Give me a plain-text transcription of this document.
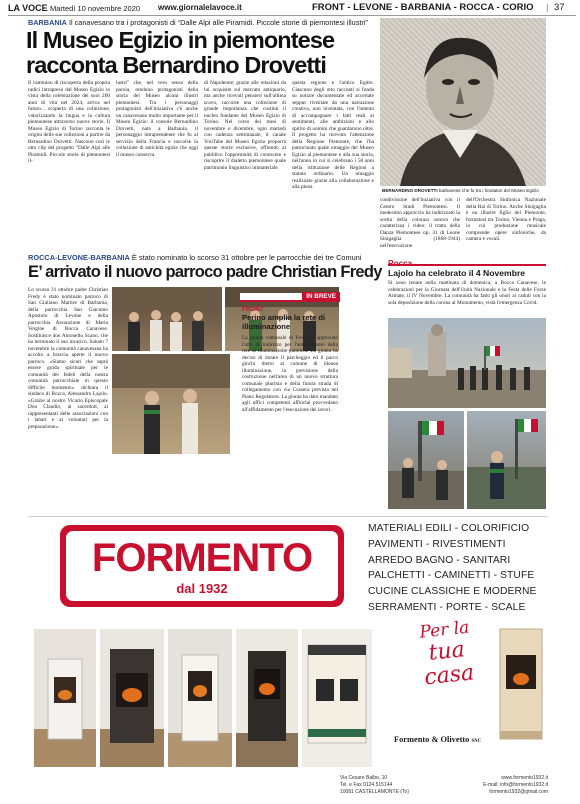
LA VOCE Martedì 10 novembre 2020 www.giornalelavoce.it	FRONT - LEVONE - BARBANIA - ROCCA - CORIO | 37
BARBANIA Il canavesano tra i protagonisti di “Dalle Alpi alle Piramidi. Piccole storie di piemontesi illustri”
Il Museo Egizio in piemontese
racconta Bernardino Drovetti

Il cammino di riscoperta della propria radici intrapreso dal Museo Egizio in vista della celebrazione dei suoi 200 anni di vita nel 2024, arriva nel futuro... scoperta di una collezione, valorizzando la lingua e la cultura piemontese attraverso nuove storie. Il Museo Egizio di Torino racconta le origini delle sue collezioni a partire da Bernardino Drovetti. Nascono così le otto clip del progetto "Dalle Alpi alle Piramidi. Piccole storie di piemontesi il-

lustri" che, nel vero senso della parola, rendono protagonisti della storia del Museo alcuni illustri piemontesi. Tra i personaggi protagonisti dell'iniziativa c'è anche un canavesano molto importante per il Museo Egizio: il console Bernardino Drovetti, nato a Barbania, il personaggio intraprendente che fu al servizio della Francia e raccolse la collezione di antichità egizie che oggi il museo conserva.

di Napoleone; grazie alle relazioni da lui acquisite sul mercato antiquario, ma anche ricevuti pensieri sull'ultima scavo, raccolse una collezione di grande importanza che costituì il nucleo fondante del Museo Egizio di Torino. Nel corso dei mesi di novembre e dicembre, ogni martedì con cadenza settimanale, il canale YouTube del Museo Egizio proporrà queste storie esclusive, offrendo al pubblico l'opportunità di conoscere e riscoprire il dialetto piemontese quale patrimonio linguistico immateriale.

questa regione e l'antico Egitto. Ciascuno degli otto racconti si fonda su notizie documentate ed accertate seppur rivisitate da una narrazione creativa, non inventata, con l'intento di accompagnare i fatti reali ai sentimenti, alle ambizioni e allo spirito di uomini che guardarono oltre. Il progetto ha ricevuto l'attenzione della Regione Piemonte, che l'ha patrocinato quale omaggio del Museo Egizio al piemontese e alla sua storia, nell'anno in cui si celebrano i 50 anni della istituzione delle Regioni a statuto ordinario. Un omaggio realizzato grazie alla collaborazione e alla piena

condivisione dell'iniziativa con il Centro Studi Piemontesi. Il medesimo approccio ha indirizzato la scelta della colonna sonora che caratterizza i video: il tratto della Danza Piemontese op. 31 di Leone Sinigaglia (1868-1944) nell'esecuzione

dell'Orchestra Sinfonica Nazionale della Rai di Torino. Anche Sinigaglia è un illustre figlio del Piemonte, formatosi tra Torino, Vienna e Praga, la cui produzione musicale comprende opere sinfoniche, da camera e vocali.

BERNARDINO DROVETTI barbanese che fu tra i fondatori del Museo Egizio
ROCCA-LEVONE-BARBANIA È stato nominato lo scorso 31 ottobre per le parrocchie dei tre Comuni
E’ arrivato il nuovo parroco padre Christian Fredy

Lo scorso 31 ottobre padre Christian Fredy è stato nominato parroco di San Giuliano Martire di Barbania, della parrocchia San Giacomo Apostolo di Levone e della parrocchia Assunzione di Maria Vergine di Rocca Canavese. Sostituisce don Antonello Scano, che ha terminato il suo incarico. Sabato 7 novembre la comunità canavesana ha accolto a braccia aperte il nuovo parroco. «Siamo sicuri che saprà essere guida spirituale per le comunità dei fedeli della nostra comunità parrocchiale in questo difficile momento» dichiara il sindaco di Rocca, Alessandro Lajolo. «Grazie al nostro Vicario Episcopale Don Claudio, ai sacerdoti, ai rappresentanti delle associazioni con i labari e ai volontari per la preparazione».

IN BREVE
FRONT
Perino amplia la rete di illuminazione

La giunta comunale di Front ha approvato l'atto di indirizzo per l'ampliamento della rete di illuminazione pubblica. La giunta ha deciso di dotare il parcheggio ed il parco giochi dietro al comune di idonea illuminazione, in previsione della costruzione nell'area di un nuovo struttura comunale plurima e della futura strada di collegamento con via Cossera prevista nel Piano Regolatore. La giunta ha dato mandato agli uffici competenti affinché provvedano all'affidamento per l'esecuzione dei lavori.

Rocca
Lajolo ha celebrato il 4 Novembre

Si sono tenute nella mattinata di domenica, a Rocca Canavese, le celebrazioni per la Giornata dell'Unità Nazionale e la Festa delle Forze Armate, il IV Novembre. La comunità ha fatto gli onori ai caduti con la sola deposizione della corona al Monumento, vista l'emergenza Covid.

FORMENTO
dal 1932
MATERIALI EDILI - COLORIFICIO
PAVIMENTI - RIVESTIMENTI
ARREDO BAGNO - SANITARI
PALCHETTI - CAMINETTI - STUFE
CUCINE CLASSICHE E MODERNE
SERRAMENTI - PORTE - SCALE
Per la
tua casa
Formento & Olivetto SNC
Via Cesare Balbo, 10
Tel. e Fax 0124.515144
10081 CASTELLAMONTE (To)
www.formento1932.it
E-mail: info@formento1932.it
formento1932@gmail.com
